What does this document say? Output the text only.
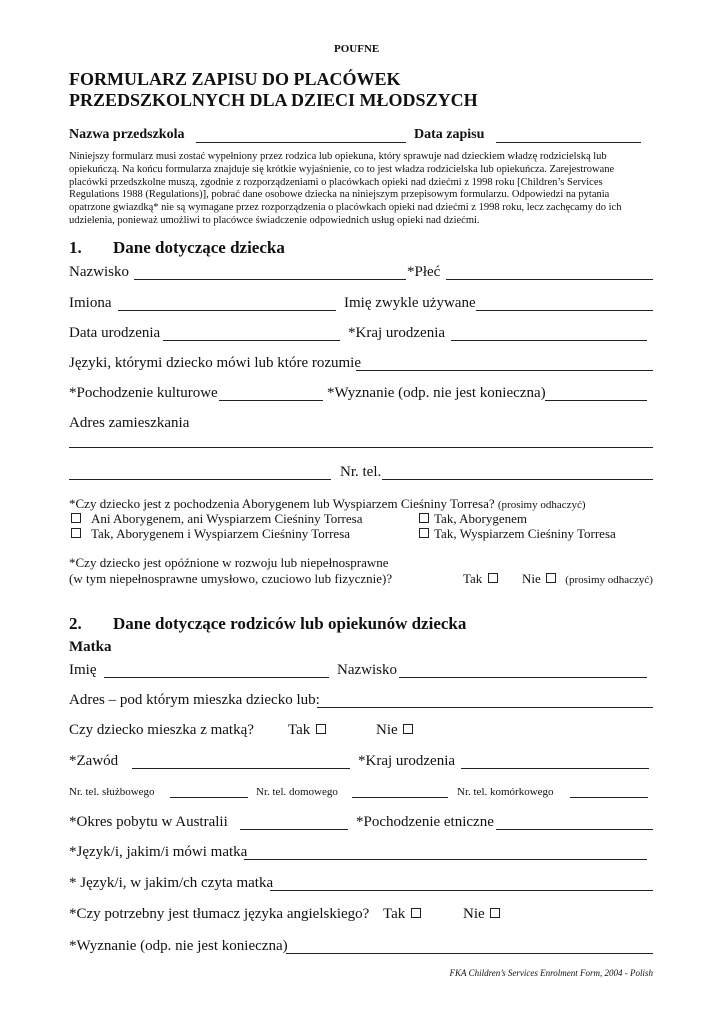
POUFNE
FORMULARZ ZAPISU DO PLACÓWEK
PRZEDSZKOLNYCH DLA DZIECI MŁODSZYCH
Nazwa przedszkola	Data zapisu
Niniejszy formularz musi zostać wypełniony przez rodzica lub opiekuna, który sprawuje nad dzieckiem władzę rodzicielską lub
opiekuńczą. Na końcu formularza znajduje się krótkie wyjaśnienie, co to jest władza rodzicielska lub opiekuńcza. Zarejestrowane
placówki przedszkolne muszą, zgodnie z rozporządzeniami o placówkach opieki nad dziećmi z 1998 roku [Children’s Services
Regulations 1988 (Regulations)], pobrać dane osobowe dziecka na niniejszym przepisowym formularzu. Odpowiedzi na pytania
opatrzone gwiazdką* nie są wymagane przez rozporządzenia o placówkach opieki nad dziećmi z 1998 roku, lecz zachęcamy do ich
udzielenia, ponieważ umożliwi to placówce świadczenie odpowiednich usług opieki nad dziećmi.
1. Dane dotyczące dziecka
Nazwisko	*Płeć
Imiona	Imię zwykle używane
Data urodzenia	*Kraj urodzenia
Języki, którymi dziecko mówi lub które rozumie
*Pochodzenie kulturowe	*Wyznanie (odp. nie jest konieczna)
Adres zamieszkania
Nr. tel.
*Czy dziecko jest z pochodzenia Aborygenem lub Wyspiarzem Cieśniny Torresa? (prosimy odhaczyć)
Ani Aborygenem, ani Wyspiarzem Cieśniny Torresa	Tak, Aborygenem
Tak, Aborygenem i Wyspiarzem Cieśniny Torresa	Tak, Wyspiarzem Cieśniny Torresa
*Czy dziecko jest opóźnione w rozwoju lub niepełnosprawne
(w tym niepełnosprawne umysłowo, czuciowo lub fizycznie)?	Tak	Nie (prosimy odhaczyć)
2. Dane dotyczące rodziców lub opiekunów dziecka
Matka
Imię	Nazwisko
Adres – pod którym mieszka dziecko lub:
Czy dziecko mieszka z matką? Tak	Nie
*Zawód	*Kraj urodzenia
Nr. tel. służbowego	Nr. tel. domowego	Nr. tel. komórkowego
*Okres pobytu w Australii	*Pochodzenie etniczne
*Język/i, jakim/i mówi matka
* Język/i, w jakim/ch czyta matka
*Czy potrzebny jest tłumacz języka angielskiego? Tak	Nie
*Wyznanie (odp. nie jest konieczna)
FKA Children’s Services Enrolment Form, 2004 - Polish
